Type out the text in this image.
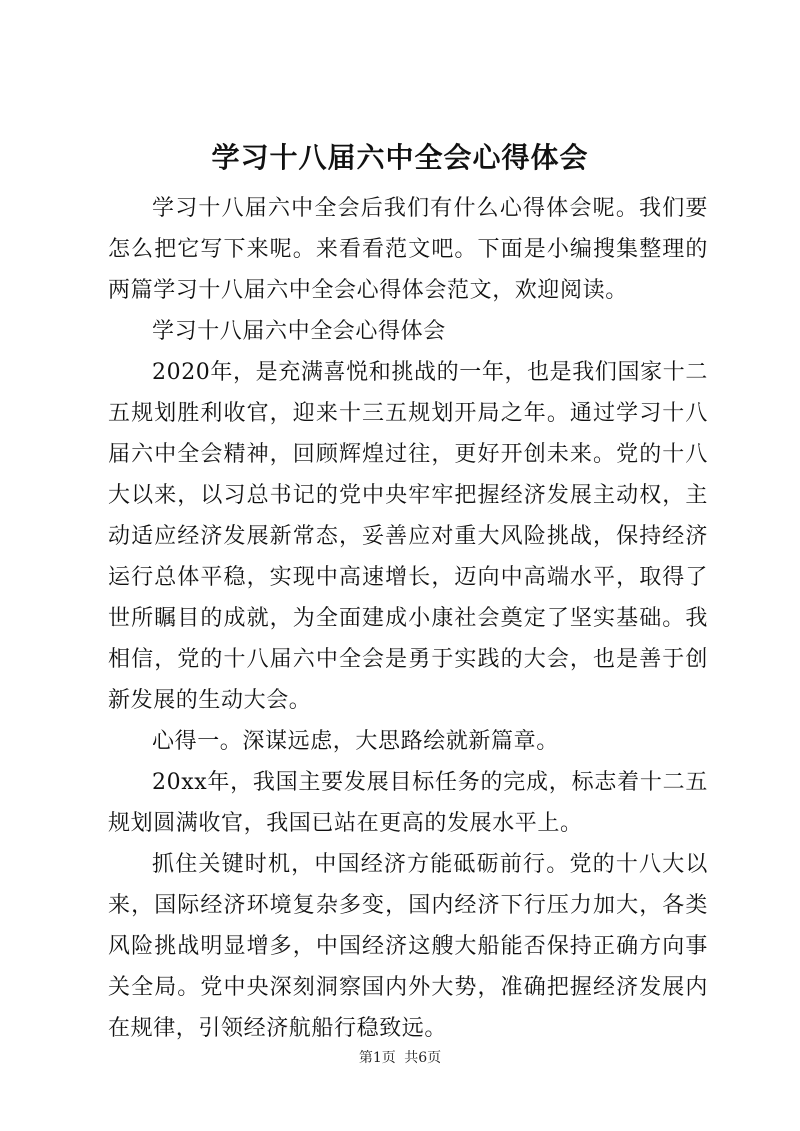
学习十八届六中全会心得体会

学习十八届六中全会后我们有什么心得体会呢。我们要怎么把它写下来呢。来看看范文吧。下面是小编搜集整理的两篇学习十八届六中全会心得体会范文，欢迎阅读。

学习十八届六中全会心得体会

2020年，是充满喜悦和挑战的一年，也是我们国家十二五规划胜利收官，迎来十三五规划开局之年。通过学习十八届六中全会精神，回顾辉煌过往，更好开创未来。党的十八大以来，以习总书记的党中央牢牢把握经济发展主动权，主动适应经济发展新常态，妥善应对重大风险挑战，保持经济运行总体平稳，实现中高速增长，迈向中高端水平，取得了世所瞩目的成就，为全面建成小康社会奠定了坚实基础。我相信，党的十八届六中全会是勇于实践的大会，也是善于创新发展的生动大会。

心得一。深谋远虑，大思路绘就新篇章。

20xx年，我国主要发展目标任务的完成，标志着十二五规划圆满收官，我国已站在更高的发展水平上。

抓住关键时机，中国经济方能砥砺前行。党的十八大以来，国际经济环境复杂多变，国内经济下行压力加大，各类风险挑战明显增多，中国经济这艘大船能否保持正确方向事关全局。党中央深刻洞察国内外大势，准确把握经济发展内在规律，引领经济航船行稳致远。

第1页 共6页
